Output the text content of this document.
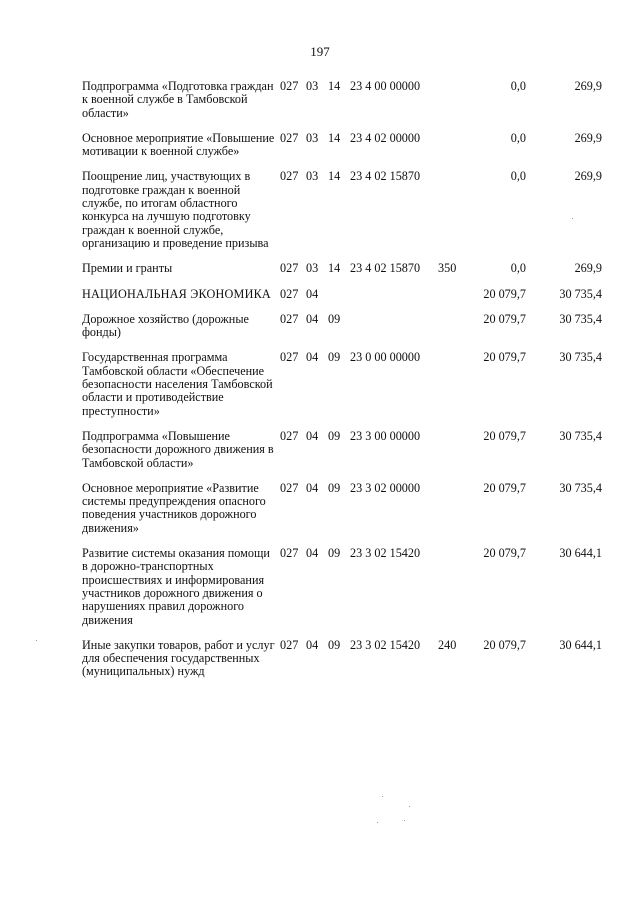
197
Подпрограмма «Подготовка граждан к военной службе в Тамбовской области»	027	03	14	23 4 00 00000		0,0	269,9
Основное мероприятие «Повышение мотивации к военной службе»	027	03	14	23 4 02 00000		0,0	269,9
Поощрение лиц, участвующих в подготовке граждан к военной службе, по итогам областного конкурса на лучшую подготовку граждан к военной службе, организацию и проведение призыва	027	03	14	23 4 02 15870		0,0	269,9
Премии и гранты	027	03	14	23 4 02 15870	350	0,0	269,9
НАЦИОНАЛЬНАЯ ЭКОНОМИКА	027	04				20 079,7	30 735,4
Дорожное хозяйство (дорожные фонды)	027	04	09			20 079,7	30 735,4
Государственная программа Тамбовской области «Обеспечение безопасности населения Тамбовской области и противодействие преступности»	027	04	09	23 0 00 00000		20 079,7	30 735,4
Подпрограмма «Повышение безопасности дорожного движения в Тамбовской области»	027	04	09	23 3 00 00000		20 079,7	30 735,4
Основное мероприятие «Развитие системы предупреждения опасного поведения участников дорожного движения»	027	04	09	23 3 02 00000		20 079,7	30 735,4
Развитие системы оказания помощи в дорожно-транспортных происшествиях и информирования участников дорожного движения о нарушениях правил дорожного движения	027	04	09	23 3 02 15420		20 079,7	30 644,1
Иные закупки товаров, работ и услуг для обеспечения государственных (муниципальных) нужд	027	04	09	23 3 02 15420	240	20 079,7	30 644,1
